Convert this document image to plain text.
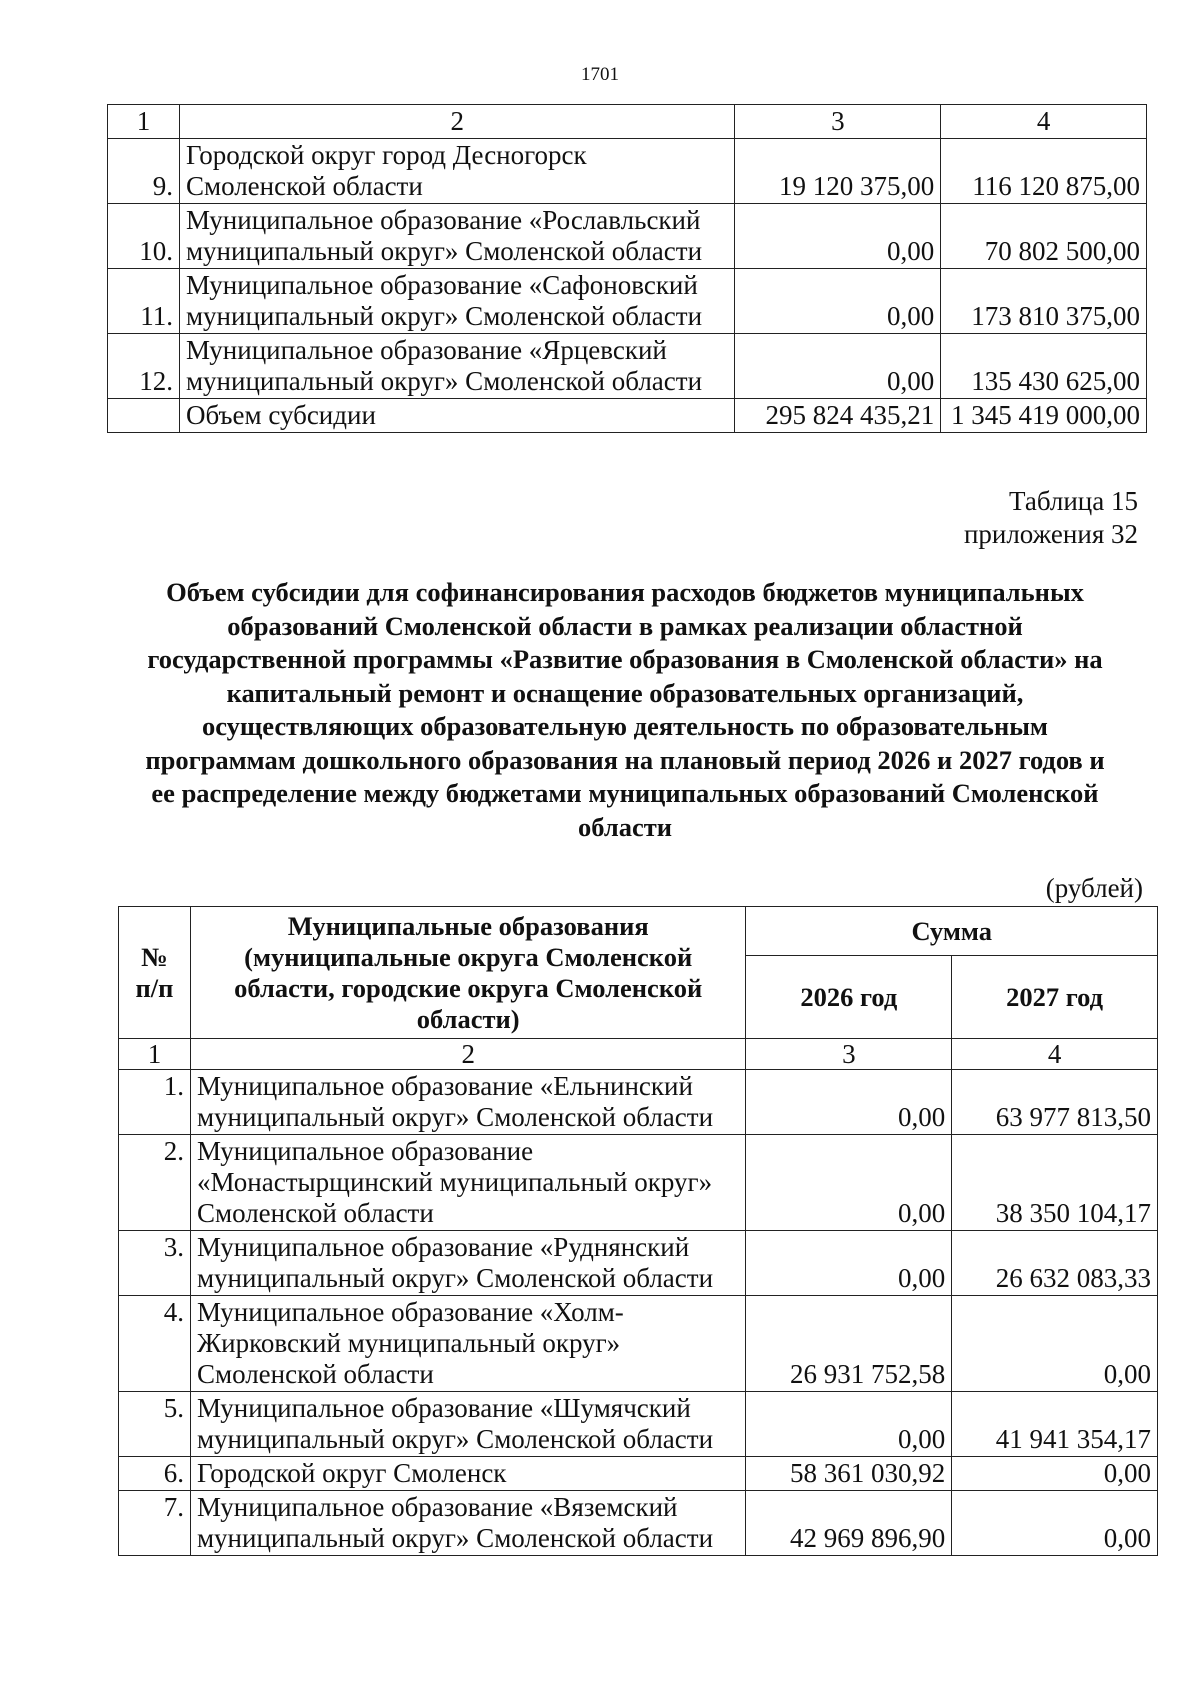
1701
1	2	3	4
9.	Городской округ город Десногорск
Смоленской области	19 120 375,00	116 120 875,00
10.	Муниципальное образование «Рославльский
муниципальный округ» Смоленской области	0,00	70 802 500,00
11.	Муниципальное образование «Сафоновский
муниципальный округ» Смоленской области	0,00	173 810 375,00
12.	Муниципальное образование «Ярцевский
муниципальный округ» Смоленской области	0,00	135 430 625,00
	Объем субсидии	295 824 435,21	1 345 419 000,00
Таблица 15
приложения 32
Объем субсидии для софинансирования расходов бюджетов муниципальных
образований Смоленской области в рамках реализации областной
государственной программы «Развитие образования в Смоленской области» на
капитальный ремонт и оснащение образовательных организаций,
осуществляющих образовательную деятельность по образовательным
программам дошкольного образования на плановый период 2026 и 2027 годов и
ее распределение между бюджетами муниципальных образований Смоленской
области
(рублей)
№
п/п	Муниципальные образования
(муниципальные округа Смоленской
области, городские округа Смоленской
области)	Сумма	
		2026 год	2027 год
1	2	3	4
1.	Муниципальное образование «Ельнинский
муниципальный округ» Смоленской области	0,00	63 977 813,50
2.	Муниципальное образование
«Монастырщинский муниципальный округ»
Смоленской области	0,00	38 350 104,17
3.	Муниципальное образование «Руднянский
муниципальный округ» Смоленской области	0,00	26 632 083,33
4.	Муниципальное образование «Холм-
Жирковский муниципальный округ»
Смоленской области	26 931 752,58	0,00
5.	Муниципальное образование «Шумячский
муниципальный округ» Смоленской области	0,00	41 941 354,17
6.	Городской округ Смоленск	58 361 030,92	0,00
7.	Муниципальное образование «Вяземский
муниципальный округ» Смоленской области	42 969 896,90	0,00
